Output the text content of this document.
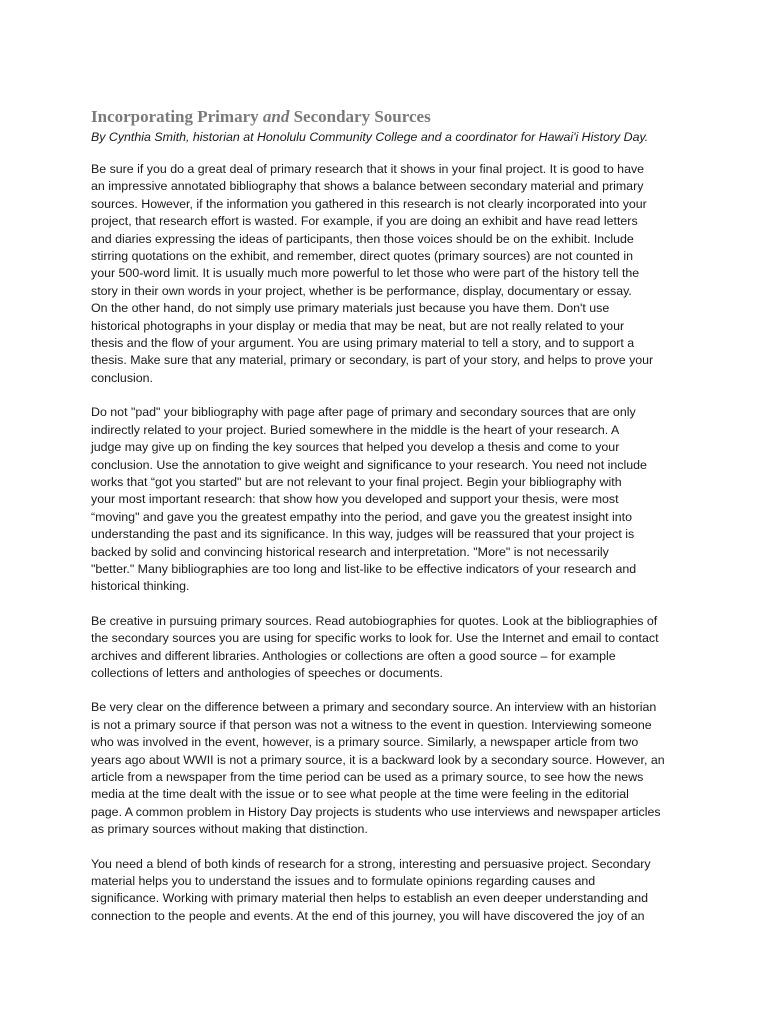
Incorporating Primary and Secondary Sources

By Cynthia Smith, historian at Honolulu Community College and a coordinator for Hawai'i History Day.

Be sure if you do a great deal of primary research that it shows in your final project. It is good to have
an impressive annotated bibliography that shows a balance between secondary material and primary
sources. However, if the information you gathered in this research is not clearly incorporated into your
project, that research effort is wasted. For example, if you are doing an exhibit and have read letters
and diaries expressing the ideas of participants, then those voices should be on the exhibit. Include
stirring quotations on the exhibit, and remember, direct quotes (primary sources) are not counted in
your 500-word limit. It is usually much more powerful to let those who were part of the history tell the
story in their own words in your project, whether is be performance, display, documentary or essay.
On the other hand, do not simply use primary materials just because you have them. Don't use
historical photographs in your display or media that may be neat, but are not really related to your
thesis and the flow of your argument. You are using primary material to tell a story, and to support a
thesis. Make sure that any material, primary or secondary, is part of your story, and helps to prove your
conclusion.
Do not "pad" your bibliography with page after page of primary and secondary sources that are only
indirectly related to your project. Buried somewhere in the middle is the heart of your research. A
judge may give up on finding the key sources that helped you develop a thesis and come to your
conclusion. Use the annotation to give weight and significance to your research. You need not include
works that “got you started" but are not relevant to your final project. Begin your bibliography with
your most important research: that show how you developed and support your thesis, were most
“moving" and gave you the greatest empathy into the period, and gave you the greatest insight into
understanding the past and its significance. In this way, judges will be reassured that your project is
backed by solid and convincing historical research and interpretation. "More" is not necessarily
"better." Many bibliographies are too long and list-like to be effective indicators of your research and
historical thinking.
Be creative in pursuing primary sources. Read autobiographies for quotes. Look at the bibliographies of
the secondary sources you are using for specific works to look for. Use the Internet and email to contact
archives and different libraries. Anthologies or collections are often a good source – for example
collections of letters and anthologies of speeches or documents.
Be very clear on the difference between a primary and secondary source. An interview with an historian
is not a primary source if that person was not a witness to the event in question. Interviewing someone
who was involved in the event, however, is a primary source. Similarly, a newspaper article from two
years ago about WWII is not a primary source, it is a backward look by a secondary source. However, an
article from a newspaper from the time period can be used as a primary source, to see how the news
media at the time dealt with the issue or to see what people at the time were feeling in the editorial
page. A common problem in History Day projects is students who use interviews and newspaper articles
as primary sources without making that distinction.
You need a blend of both kinds of research for a strong, interesting and persuasive project. Secondary
material helps you to understand the issues and to formulate opinions regarding causes and
significance. Working with primary material then helps to establish an even deeper understanding and
connection to the people and events. At the end of this journey, you will have discovered the joy of an
